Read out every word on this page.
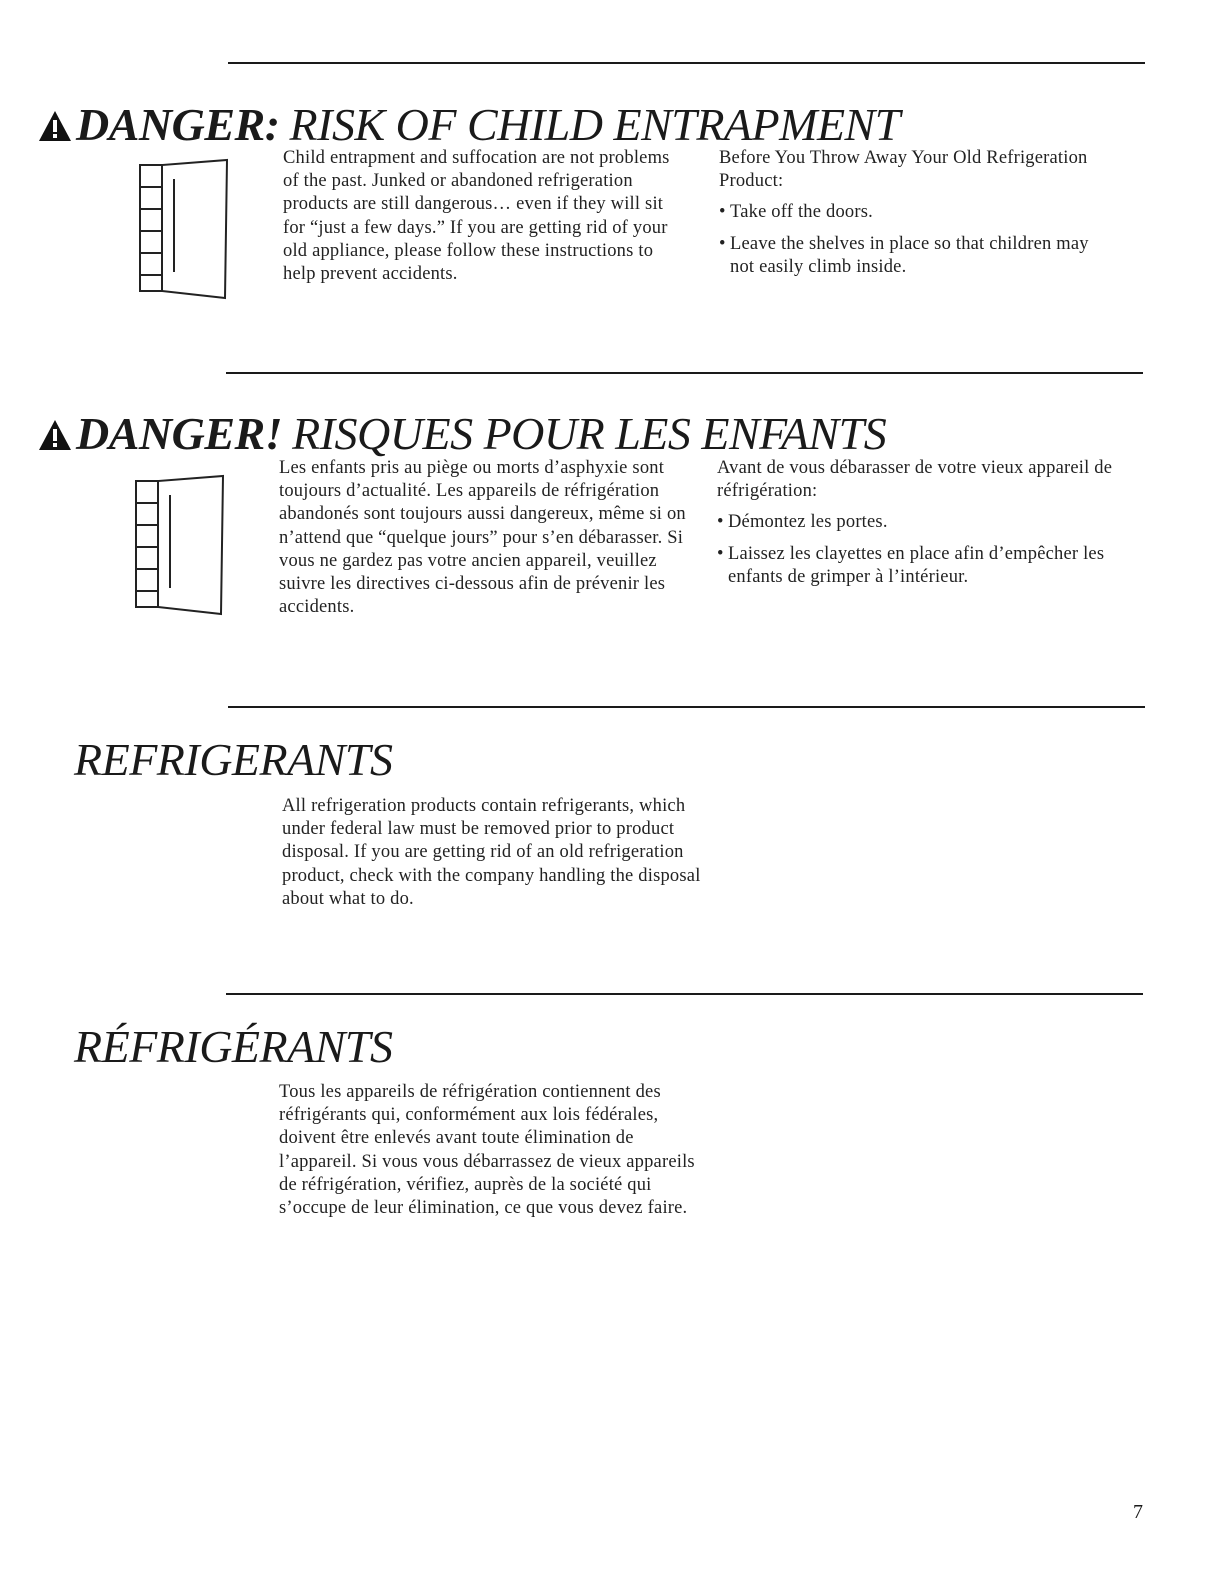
DANGER: RISK OF CHILD ENTRAPMENT

Child entrapment and suffocation are not problems of the past. Junked or abandoned refrigeration products are still dangerous… even if they will sit for “just a few days.” If you are getting rid of your old appliance, please follow these instructions to help prevent accidents.

Before You Throw Away Your Old Refrigeration Product:
• Take off the doors.
• Leave the shelves in place so that children may not easily climb inside.
DANGER! RISQUES POUR LES ENFANTS

Les enfants pris au piège ou morts d’asphyxie sont toujours d’actualité. Les appareils de réfrigération abandonés sont toujours aussi dangereux, même si on n’attend que “quelque jours” pour s’en débarasser. Si vous ne gardez pas votre ancien appareil, veuillez suivre les directives ci-dessous afin de prévenir les accidents.

Avant de vous débarasser de votre vieux appareil de réfrigération:
• Démontez les portes.
• Laissez les clayettes en place afin d’empêcher les enfants de grimper à l’intérieur.
REFRIGERANTS

All refrigeration products contain refrigerants, which under federal law must be removed prior to product disposal. If you are getting rid of an old refrigeration product, check with the company handling the disposal about what to do.

RÉFRIGÉRANTS

Tous les appareils de réfrigération contiennent des réfrigérants qui, conformément aux lois fédérales, doivent être enlevés avant toute élimination de l’appareil. Si vous vous débarrassez de vieux appareils de réfrigération, vérifiez, auprès de la société qui s’occupe de leur élimination, ce que vous devez faire.

7
